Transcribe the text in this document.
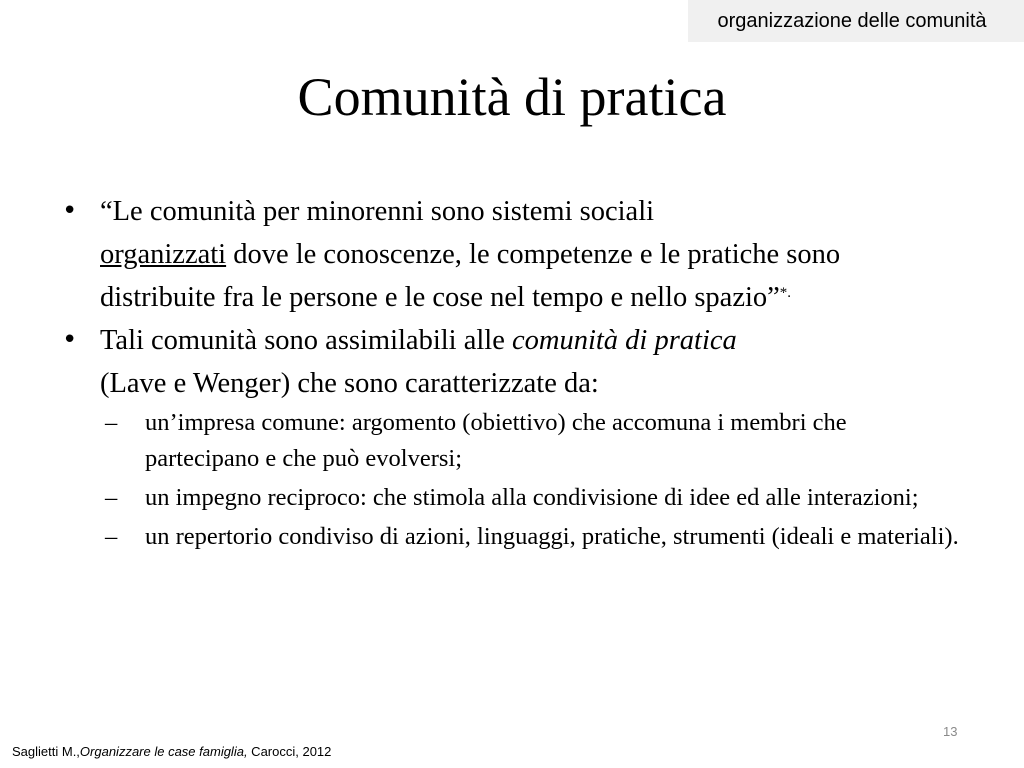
organizzazione delle comunità
Comunità di pratica
• “Le comunità per minorenni sono sistemi sociali
organizzati dove le conoscenze, le competenze e le pratiche sono distribuite fra le persone e le cose nel tempo e nello spazio”*.
• Tali comunità sono assimilabili alle comunità di pratica
(Lave e Wenger) che sono caratterizzate da:
– un’impresa comune: argomento (obiettivo) che accomuna i membri che partecipano e che può evolversi;
– un impegno reciproco: che stimola alla condivisione di idee ed alle interazioni;
– un repertorio condiviso di azioni, linguaggi, pratiche, strumenti (ideali e materiali).
13
Saglietti M.,Organizzare le case famiglia, Carocci, 2012
